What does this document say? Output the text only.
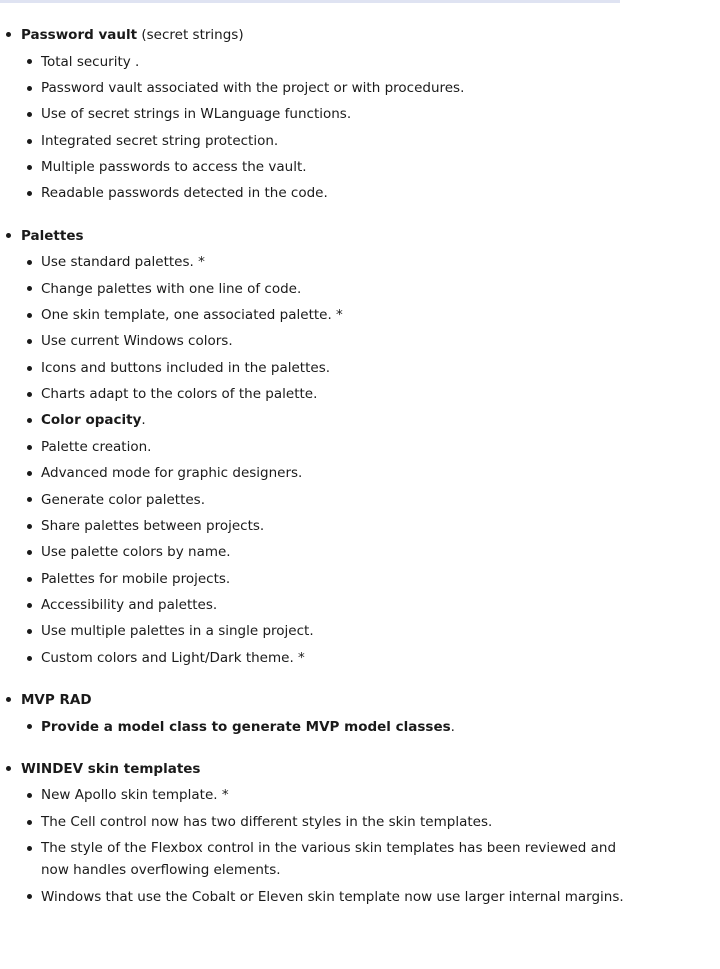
Password vault (secret strings)
Total security .
Password vault associated with the project or with procedures.
Use of secret strings in WLanguage functions.
Integrated secret string protection.
Multiple passwords to access the vault.
Readable passwords detected in the code.
Palettes
Use standard palettes. *
Change palettes with one line of code.
One skin template, one associated palette. *
Use current Windows colors.
Icons and buttons included in the palettes.
Charts adapt to the colors of the palette.
Color opacity.
Palette creation.
Advanced mode for graphic designers.
Generate color palettes.
Share palettes between projects.
Use palette colors by name.
Palettes for mobile projects.
Accessibility and palettes.
Use multiple palettes in a single project.
Custom colors and Light/Dark theme. *
MVP RAD
Provide a model class to generate MVP model classes.
WINDEV skin templates
New Apollo skin template. *
The Cell control now has two different styles in the skin templates.
The style of the Flexbox control in the various skin templates has been reviewed and now handles overflowing elements.
Windows that use the Cobalt or Eleven skin template now use larger internal margins.
